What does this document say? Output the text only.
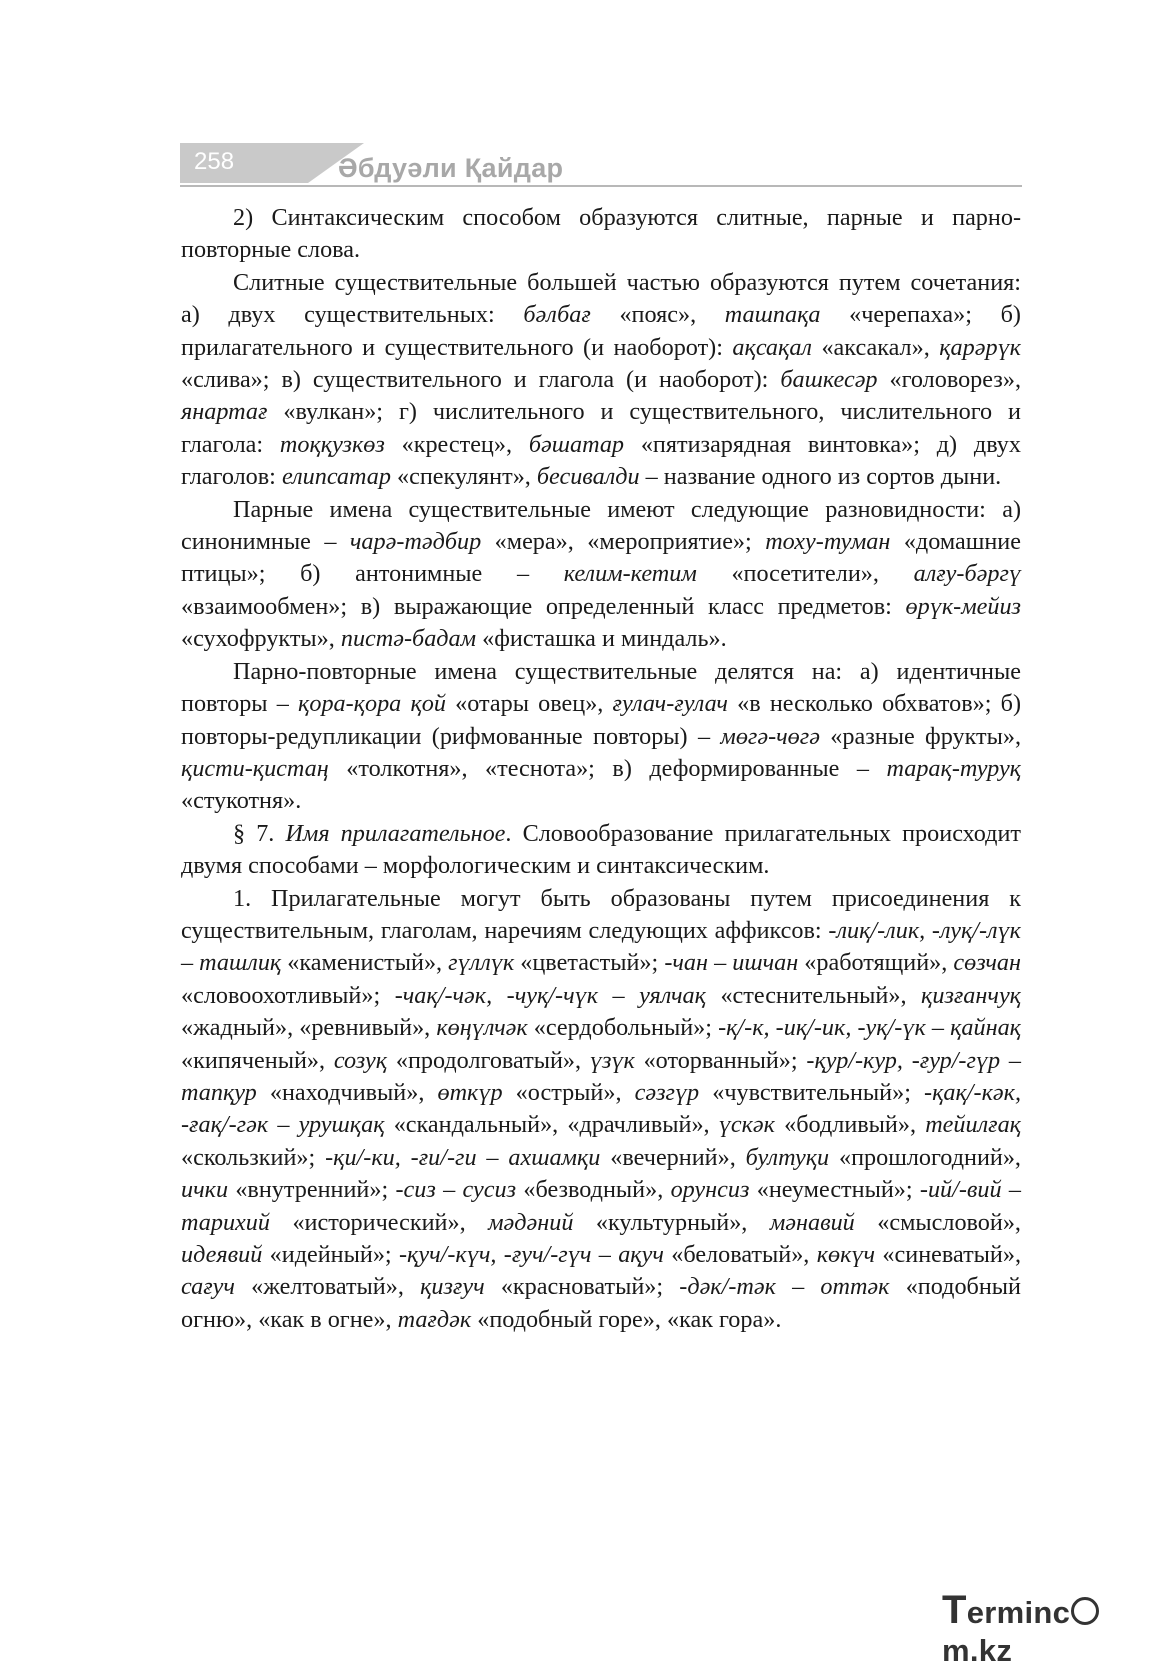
258	Әбдуәли Қайдар

2) Синтаксическим способом образуются слитные, парные и парно-повторные слова.

Слитные существительные большей частью образуются путем сочетания: а) двух существительных: бәлбағ «пояс», ташпақа «черепаха»; б) прилагательного и существительного (и наоборот): ақсақал «аксакал», қарәрүк «слива»; в) существительного и глагола (и наоборот): башкесәр «головорез», янартағ «вулкан»; г) числительного и существительного, числительного и глагола: тоққузкөз «крестец», бәшатар «пятизарядная винтовка»; д) двух глаголов: елипсатар «спекулянт», бесивалди – название одного из сортов дыни.

Парные имена существительные имеют следующие разновидности: а) синонимные – чарә-тәдбир «мера», «мероприятие»; тоху-туман «домашние птицы»; б) антонимные – келим-кетим «посетители», алғу-бәргү «взаимообмен»; в) выражающие определенный класс предметов: өрүк-мейиз «сухофрукты», пистә-бадам «фисташка и миндаль».

Парно-повторные имена существительные делятся на: а) идентичные повторы – қора-қора қой «отары овец», ғулач-ғулач «в несколько обхватов»; б) повторы-редупликации (рифмованные повторы) – мөгә-чөгә «разные фрукты», қисти-қистаң «толкотня», «теснота»; в) деформированные – тарақ-туруқ «стукотня».

§ 7. Имя прилагательное. Словообразование прилагательных происходит двумя способами – морфологическим и синтаксическим.

1. Прилагательные могут быть образованы путем присоединения к существительным, глаголам, наречиям следующих аффиксов: -лиқ/-лик, -луқ/-лүк – ташлиқ «каменистый», гүллүк «цветастый»; -чан – ишчан «работящий», сөзчан «словоохотливый»; -чақ/-чәк, -чуқ/-чүк – уялчақ «стеснительный», қизғанчуқ «жадный», «ревнивый», көңүлчәк «сердобольный»; -қ/-к, -иқ/-ик, -уқ/-үк – қайнақ «кипяченый», созуқ «продолговатый», үзүк «оторванный»; -қур/-кур, -ғур/-гүр – тапқур «находчивый», өткүр «острый», сәзгүр «чувствительный»; -қақ/-кәк, -ғақ/-гәк – урушқақ «скандальный», «драчливый», үскәк «бодливый», тейилғақ «скользкий»; -қи/-ки, -ғи/-ги – ахшамқи «вечерний», бултуқи «прошлогодний», ички «внутренний»; -сиз – сусиз «безводный», орунсиз «неуместный»; -ий/-вий – тарихий «исторический», мәдәний «культурный», мәнавий «смысловой», идеявий «идейный»; -қуч/-күч, -ғуч/-гүч – ақуч «беловатый», көкүч «синеватый», сағуч «желтоватый», қизғуч «красноватый»; -дәк/-тәк – оттәк «подобный огню», «как в огне», тағдәк «подобный горе», «как гора».

Termincm.kz
